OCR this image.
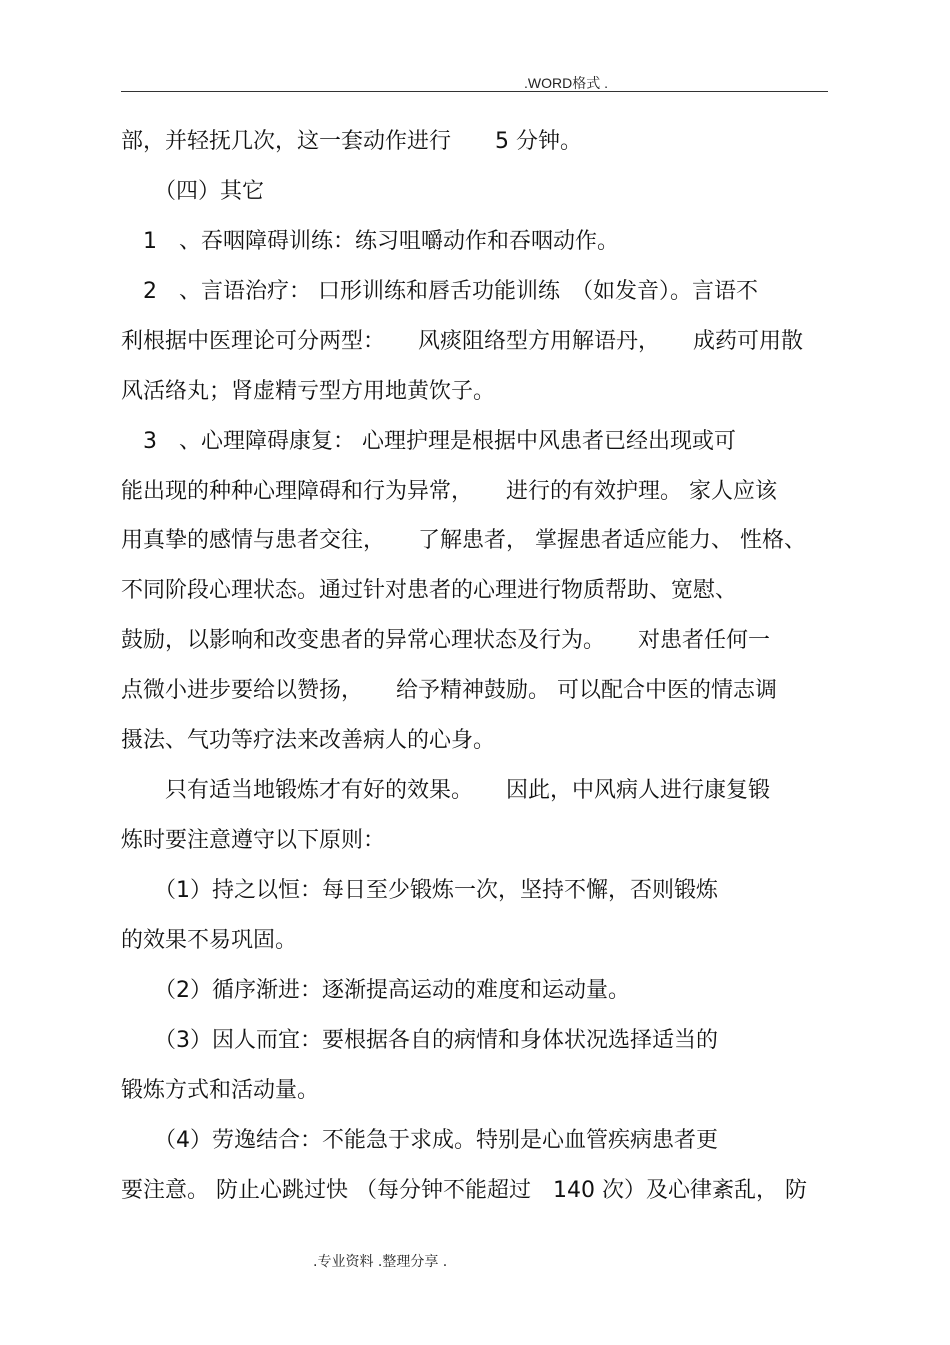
.WORD格式 .
部，并轻抚几次，这一套动作进行　　5 分钟。
　　（四）其它
　1　、吞咽障碍训练：练习咀嚼动作和吞咽动作。
　2　、言语治疗： 口形训练和唇舌功能训练　（如发音）。言语不
利根据中医理论可分两型：　　风痰阻络型方用解语丹，　　成药可用散
风活络丸；肾虚精亏型方用地黄饮子。
　3　、心理障碍康复： 心理护理是根据中风患者已经出现或可
能出现的种种心理障碍和行为异常，　　进行的有效护理。 家人应该
用真挚的感情与患者交往，　　了解患者， 掌握患者适应能力、 性格、
不同阶段心理状态。通过针对患者的心理进行物质帮助、宽慰、
鼓励，以影响和改变患者的异常心理状态及行为。　　对患者任何一
点微小进步要给以赞扬，　　给予精神鼓励。 可以配合中医的情志调
摄法、气功等疗法来改善病人的心身。
　　只有适当地锻炼才有好的效果。　　因此，中风病人进行康复锻
炼时要注意遵守以下原则：
　　（1）持之以恒：每日至少锻炼一次，坚持不懈，否则锻炼
的效果不易巩固。
　　（2）循序渐进：逐渐提高运动的难度和运动量。
　　（3）因人而宜：要根据各自的病情和身体状况选择适当的
锻炼方式和活动量。
　　（4）劳逸结合：不能急于求成。特别是心血管疾病患者更
要注意。 防止心跳过快 （每分钟不能超过　140 次）及心律紊乱， 防
.专业资料 .整理分享 .
